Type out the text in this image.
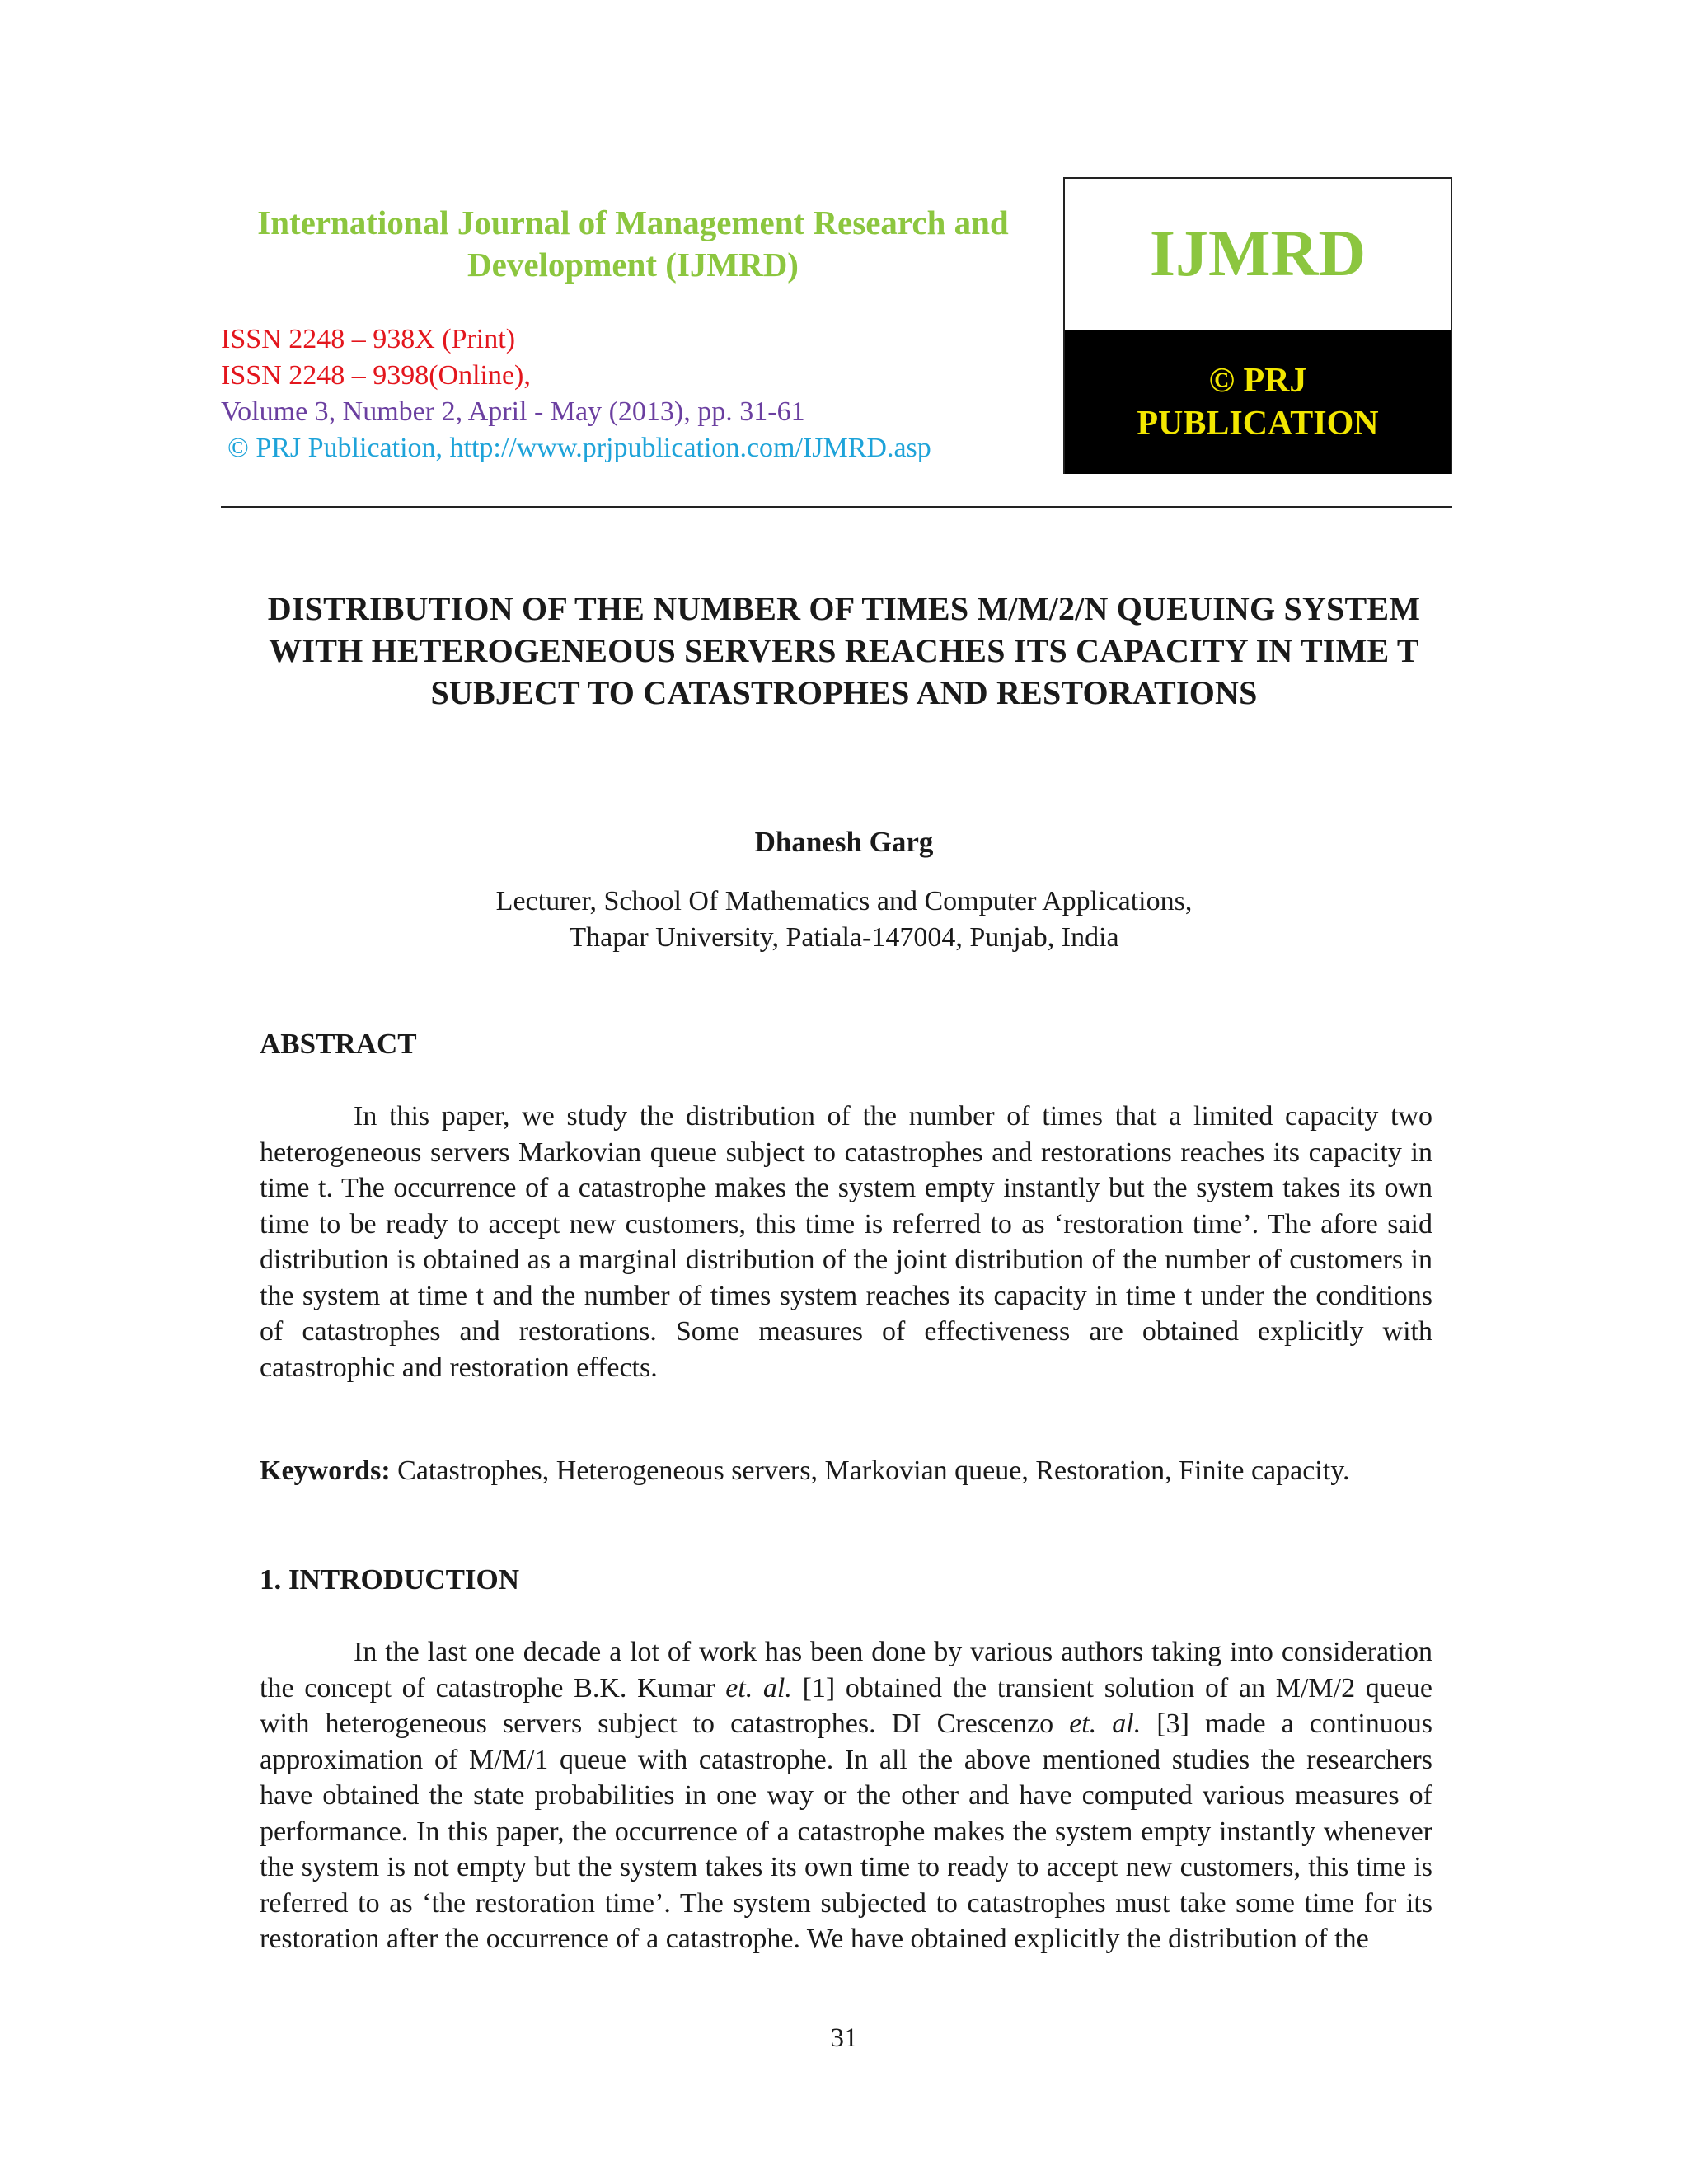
International Journal of Management Research and Development (IJMRD)
ISSN 2248 – 938X (Print)
ISSN 2248 – 9398(Online),
Volume 3, Number 2, April - May (2013), pp. 31-61
© PRJ Publication, http://www.prjpublication.com/IJMRD.asp
IJMRD
© PRJ
PUBLICATION
DISTRIBUTION OF THE NUMBER OF TIMES M/M/2/N QUEUING SYSTEM WITH HETEROGENEOUS SERVERS REACHES ITS CAPACITY IN TIME T SUBJECT TO CATASTROPHES AND RESTORATIONS
Dhanesh Garg
Lecturer, School Of Mathematics and Computer Applications,
Thapar University, Patiala-147004, Punjab, India
ABSTRACT
In this paper, we study the distribution of the number of times that a limited capacity two heterogeneous servers Markovian queue subject to catastrophes and restorations reaches its capacity in time t. The occurrence of a catastrophe makes the system empty instantly but the system takes its own time to be ready to accept new customers, this time is referred to as ‘restoration time’. The afore said distribution is obtained as a marginal distribution of the joint distribution of the number of customers in the system at time t and the number of times system reaches its capacity in time t under the conditions of catastrophes and restorations. Some measures of effectiveness are obtained explicitly with catastrophic and restoration effects.
Keywords: Catastrophes, Heterogeneous servers, Markovian queue, Restoration, Finite capacity.
1. INTRODUCTION
In the last one decade a lot of work has been done by various authors taking into consideration the concept of catastrophe B.K. Kumar et. al. [1] obtained the transient solution of an M/M/2 queue with heterogeneous servers subject to catastrophes. DI Crescenzo et. al. [3] made a continuous approximation of M/M/1 queue with catastrophe. In all the above mentioned studies the researchers have obtained the state probabilities in one way or the other and have computed various measures of performance. In this paper, the occurrence of a catastrophe makes the system empty instantly whenever the system is not empty but the system takes its own time to ready to accept new customers, this time is referred to as ‘the restoration time’. The system subjected to catastrophes must take some time for its restoration after the occurrence of a catastrophe. We have obtained explicitly the distribution of the
31
